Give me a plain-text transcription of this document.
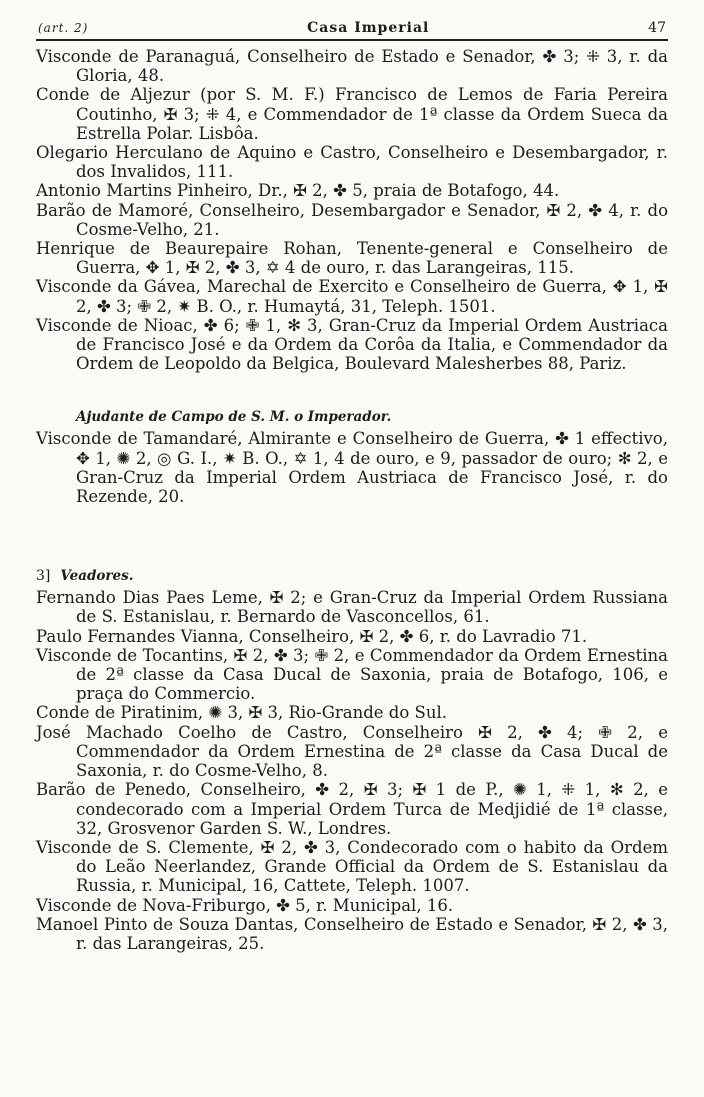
(art. 2)	Casa Imperial	47

Visconde de Paranaguá, Conselheiro de Estado e Senador, ✤ 3; ⁜ 3, r. da Gloria, 48.

Conde de Aljezur (por S. M. F.) Francisco de Lemos de Faria Pereira Coutinho, ✠ 3; ⁜ 4, e Commendador de 1ª classe da Ordem Sueca da Estrella Polar. Lisbôa.

Olegario Herculano de Aquino e Castro, Conselheiro e Desembargador, r. dos Invalidos, 111.

Antonio Martins Pinheiro, Dr., ✠ 2, ✤ 5, praia de Botafogo, 44.

Barão de Mamoré, Conselheiro, Desembargador e Senador, ✠ 2, ✤ 4, r. do Cosme-Velho, 21.

Henrique de Beaurepaire Rohan, Tenente-general e Conselheiro de Guerra, ✥ 1, ✠ 2, ✤ 3, ✡ 4 de ouro, r. das Larangeiras, 115.

Visconde da Gávea, Marechal de Exercito e Conselheiro de Guerra, ✥ 1, ✠ 2, ✤ 3; ✙ 2, ✷ B. O., r. Humaytá, 31, Teleph. 1501.

Visconde de Nioac, ✤ 6; ✙ 1, ✻ 3, Gran-Cruz da Imperial Ordem Austriaca de Francisco José e da Ordem da Corôa da Italia, e Commendador da Ordem de Leopoldo da Belgica, Boulevard Malesherbes 88, Pariz.

Ajudante de Campo de S. M. o Imperador.

Visconde de Tamandaré, Almirante e Conselheiro de Guerra, ✤ 1 effectivo, ✥ 1, ✺ 2, ◎ G. I., ✷ B. O., ✡ 1, 4 de ouro, e 9, passador de ouro; ✻ 2, e Gran-Cruz da Imperial Ordem Austriaca de Francisco José, r. do Rezende, 20.

3] Veadores.

Fernando Dias Paes Leme, ✠ 2; e Gran-Cruz da Imperial Ordem Russiana de S. Estanislau, r. Bernardo de Vasconcellos, 61.

Paulo Fernandes Vianna, Conselheiro, ✠ 2, ✤ 6, r. do Lavradio 71.

Visconde de Tocantins, ✠ 2, ✤ 3; ✙ 2, e Commendador da Ordem Ernestina de 2ª classe da Casa Ducal de Saxonia, praia de Botafogo, 106, e praça do Commercio.

Conde de Piratinim, ✺ 3, ✠ 3, Rio-Grande do Sul.

José Machado Coelho de Castro, Conselheiro ✠ 2, ✤ 4; ✙ 2, e Commendador da Ordem Ernestina de 2ª classe da Casa Ducal de Saxonia, r. do Cosme-Velho, 8.

Barão de Penedo, Conselheiro, ✤ 2, ✠ 3; ✠ 1 de P., ✺ 1, ⁜ 1, ✻ 2, e condecorado com a Imperial Ordem Turca de Medjidié de 1ª classe, 32, Grosvenor Garden S. W., Londres.

Visconde de S. Clemente, ✠ 2, ✤ 3, Condecorado com o habito da Ordem do Leão Neerlandez, Grande Official da Ordem de S. Estanislau da Russia, r. Municipal, 16, Cattete, Teleph. 1007.

Visconde de Nova-Friburgo, ✤ 5, r. Municipal, 16.

Manoel Pinto de Souza Dantas, Conselheiro de Estado e Senador, ✠ 2, ✤ 3, r. das Larangeiras, 25.
